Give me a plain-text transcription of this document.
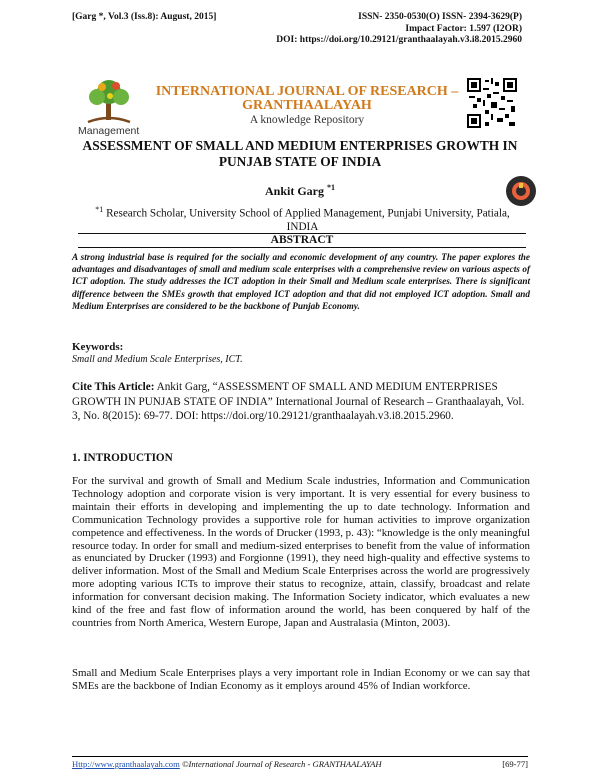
[Garg *, Vol.3 (Iss.8): August, 2015]	ISSN- 2350-0530(O) ISSN- 2394-3629(P)
Impact Factor: 1.597 (I2OR)
DOI: https://doi.org/10.29121/granthaalayah.v3.i8.2015.2960
Management
INTERNATIONAL JOURNAL OF RESEARCH –
GRANTHAALAYAH
A knowledge Repository
ASSESSMENT OF SMALL AND MEDIUM ENTERPRISES GROWTH IN
PUNJAB STATE OF INDIA
Ankit Garg $^{*1}$
$^{*1}$ Research Scholar, University School of Applied Management, Punjabi University, Patiala, INDIA
ABSTRACT
A strong industrial base is required for the socially and economic development of any country. The paper explores the advantages and disadvantages of small and medium scale enterprises with a comprehensive review on various aspects of ICT adoption. The study addresses the ICT adoption in their Small and Medium scale enterprises. There is significant difference between the SMEs growth that employed ICT adoption and that did not employed ICT adoption. Small and Medium Enterprises are considered to be the backbone of Punjab Economy.
Keywords:
Small and Medium Scale Enterprises, ICT.
Cite This Article: Ankit Garg, “ASSESSMENT OF SMALL AND MEDIUM ENTERPRISES GROWTH IN PUNJAB STATE OF INDIA” International Journal of Research – Granthaalayah, Vol. 3, No. 8(2015): 69-77. DOI: https://doi.org/10.29121/granthaalayah.v3.i8.2015.2960.
1. INTRODUCTION
For the survival and growth of Small and Medium Scale industries, Information and Communication Technology adoption and corporate vision is very important. It is very essential for every business to maintain their efforts in developing and implementing the up to date technology. Information and Communication Technology provides a supportive role for human activities to improve organization competence and effectiveness. In the words of Drucker (1993, p. 43): “knowledge is the only meaningful resource today. In order for small and medium-sized enterprises to benefit from the value of information as enunciated by Drucker (1993) and Forgionne (1991), they need high-quality and effective systems to deliver information. Most of the Small and Medium Scale Enterprises across the world are progressively more adopting various ICTs to improve their status to recognize, attain, classify, broadcast and relate information for conversant decision making. The Information Society indicator, which evaluates a new kind of the free and fast flow of information around the world, has been conquered by half of the countries from North America, Western Europe, Japan and Australasia (Minton, 2003).
Small and Medium Scale Enterprises plays a very important role in Indian Economy or we can say that SMEs are the backbone of Indian Economy as it employs around 45% of Indian workforce.
Http://www.granthaalayah.com ©International Journal of Research - GRANTHAALAYAH	[69-77]
